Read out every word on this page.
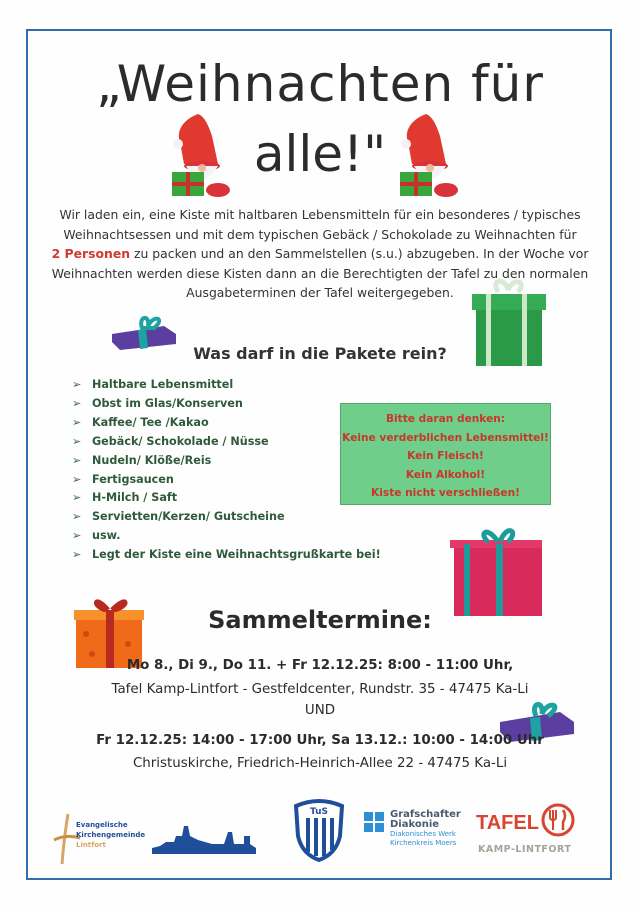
„Weihnachten für
alle!"
Wir laden ein, eine Kiste mit haltbaren Lebensmitteln für ein besonderes / typisches Weihnachtsessen und mit dem typischen Gebäck / Schokolade zu Weihnachten für
2 Personen zu packen und an den Sammelstellen (s.u.) abzugeben. In der Woche vor Weihnachten werden diese Kisten dann an die Berechtigten der Tafel zu den normalen Ausgabeterminen der Tafel weitergegeben.
Was darf in die Pakete rein?
➢ Haltbare Lebensmittel
➢ Obst im Glas/Konserven
➢ Kaffee/ Tee /Kakao
➢ Gebäck/ Schokolade / Nüsse
➢ Nudeln/ Klöße/Reis
➢ Fertigsaucen
➢ H-Milch / Saft
➢ Servietten/Kerzen/ Gutscheine
➢ usw.
➢ Legt der Kiste eine Weihnachtsgrußkarte bei!
Bitte daran denken:
Keine verderblichen Lebensmittel!
Kein Fleisch!
Kein Alkohol!
Kiste nicht verschließen!
Sammeltermine:
Mo 8., Di 9., Do 11. + Fr 12.12.25: 8:00 - 11:00 Uhr,
Tafel Kamp-Lintfort - Gestfeldcenter, Rundstr. 35 - 47475 Ka-Li
UND
Fr 12.12.25: 14:00 - 17:00 Uhr, Sa 13.12.: 10:00 - 14:00 Uhr
Christuskirche, Friedrich-Heinrich-Allee 22 - 47475 Ka-Li
Evangelische
Kirchengemeinde
Lintfort
TuS	Grafschafter
Diakonie
Diakonisches Werk
Kirchenkreis Moers
TAFEL
KAMP-LINTFORT
